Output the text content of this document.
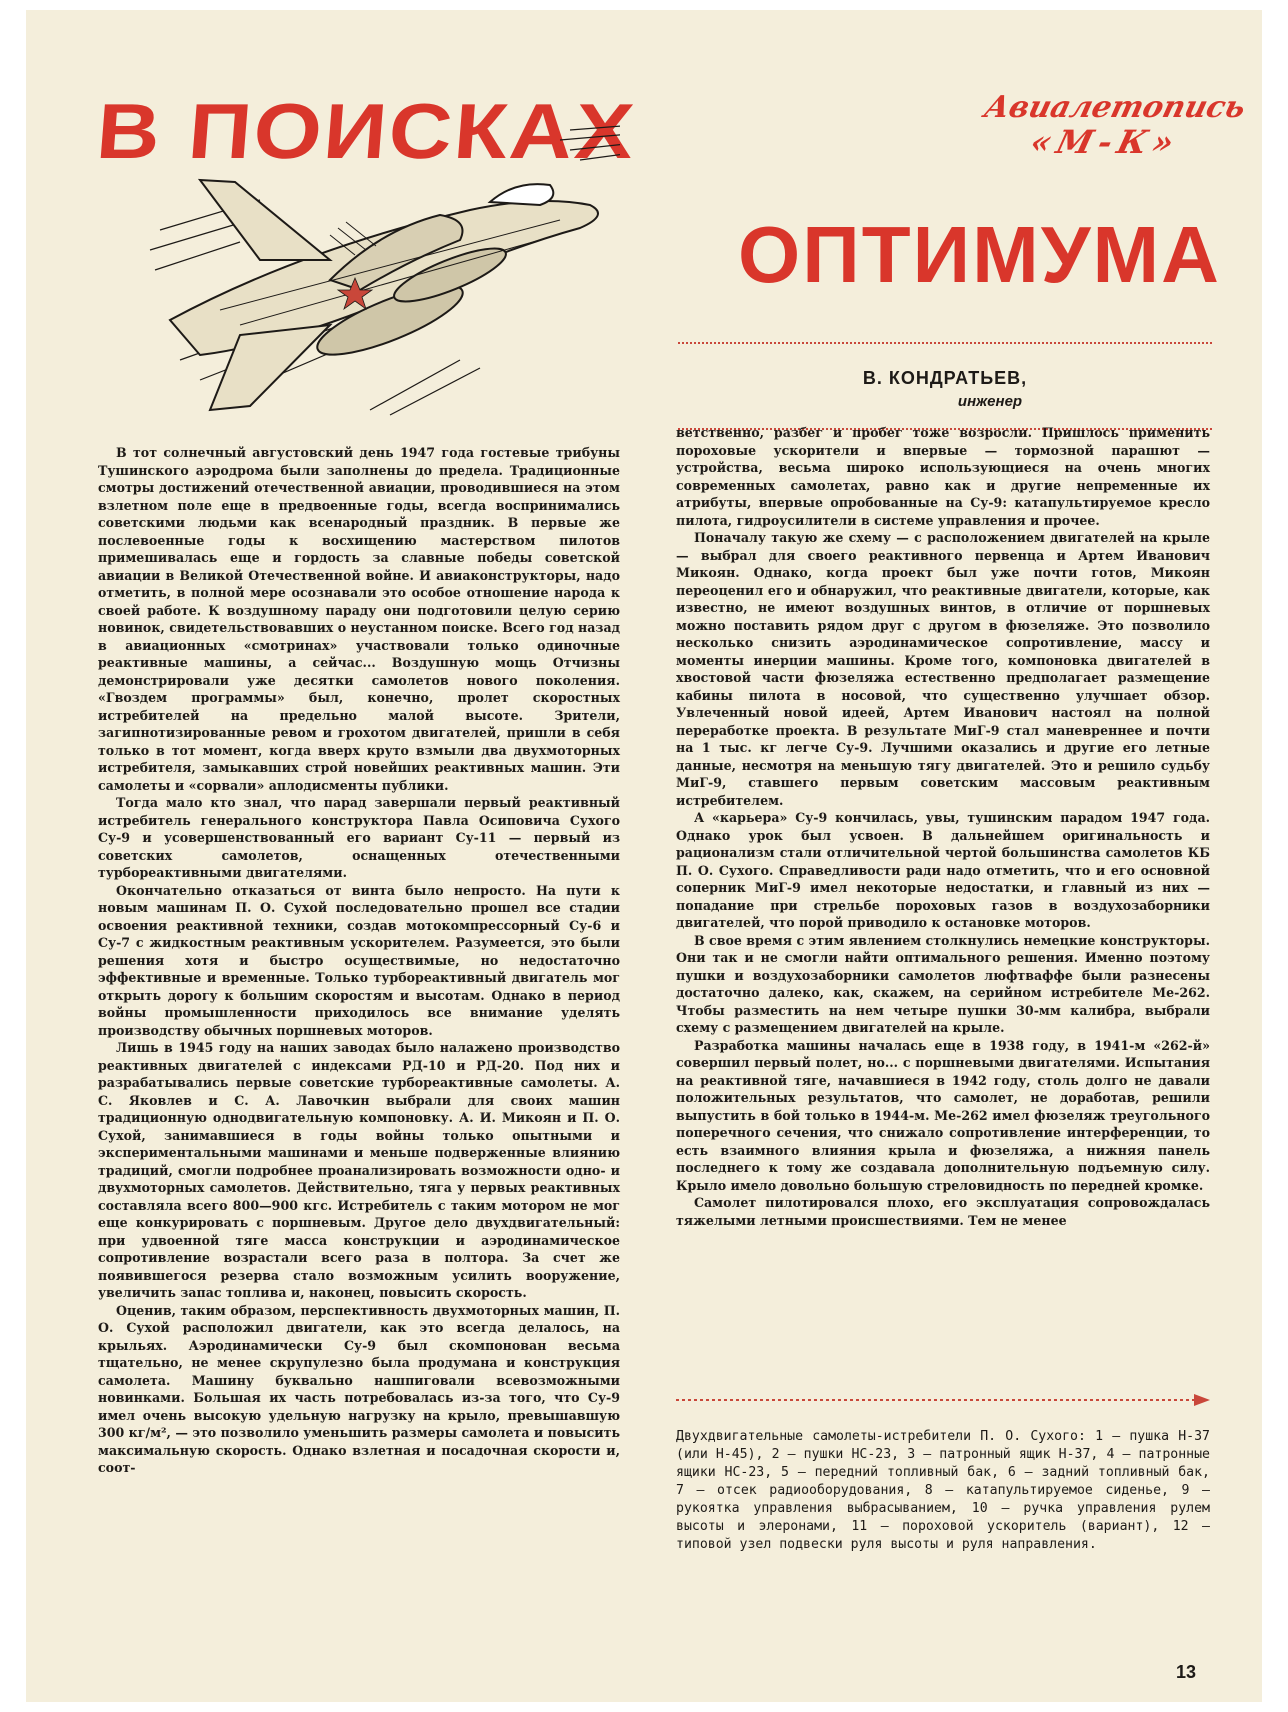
В ПОИСКАХ
ОПТИМУМА
Авиалетопись
«М-К»
В. КОНДРАТЬЕВ,
инженер

В тот солнечный августовский день 1947 года гостевые трибуны Тушинского аэродрома были заполнены до предела. Традиционные смотры достижений отечественной авиации, проводившиеся на этом взлетном поле еще в предвоенные годы, всегда воспринимались советскими людьми как всенародный праздник. В первые же послевоенные годы к восхищению мастерством пилотов примешивалась еще и гордость за славные победы советской авиации в Великой Отечественной войне. И авиаконструкторы, надо отметить, в полной мере осознавали это особое отношение народа к своей работе. К воздушному параду они подготовили целую серию новинок, свидетельствовавших о неустанном поиске. Всего год назад в авиационных «смотринах» участвовали только одиночные реактивные машины, а сейчас... Воздушную мощь Отчизны демонстрировали уже десятки самолетов нового поколения. «Гвоздем программы» был, конечно, пролет скоростных истребителей на предельно малой высоте. Зрители, загипнотизированные ревом и грохотом двигателей, пришли в себя только в тот момент, когда вверх круто взмыли два двухмоторных истребителя, замыкавших строй новейших реактивных машин. Эти самолеты и «сорвали» аплодисменты публики.

Тогда мало кто знал, что парад завершали первый реактивный истребитель генерального конструктора Павла Осиповича Сухого Су-9 и усовершенствованный его вариант Су-11 — первый из советских самолетов, оснащенных отечественными турбореактивными двигателями.

Окончательно отказаться от винта было непросто. На пути к новым машинам П. О. Сухой последовательно прошел все стадии освоения реактивной техники, создав мотокомпрессорный Су-6 и Су-7 с жидкостным реактивным ускорителем. Разумеется, это были решения хотя и быстро осуществимые, но недостаточно эффективные и временные. Только турбореактивный двигатель мог открыть дорогу к большим скоростям и высотам. Однако в период войны промышленности приходилось все внимание уделять производству обычных поршневых моторов.

Лишь в 1945 году на наших заводах было налажено производство реактивных двигателей с индексами РД-10 и РД-20. Под них и разрабатывались первые советские турбореактивные самолеты. А. С. Яковлев и С. А. Лавочкин выбрали для своих машин традиционную однодвигательную компоновку. А. И. Микоян и П. О. Сухой, занимавшиеся в годы войны только опытными и экспериментальными машинами и меньше подверженные влиянию традиций, смогли подробнее проанализировать возможности одно- и двухмоторных самолетов. Действительно, тяга у первых реактивных составляла всего 800—900 кгс. Истребитель с таким мотором не мог еще конкурировать с поршневым. Другое дело двухдвигательный: при удвоенной тяге масса конструкции и аэродинамическое сопротивление возрастали всего раза в полтора. За счет же появившегося резерва стало возможным усилить вооружение, увеличить запас топлива и, наконец, повысить скорость.

Оценив, таким образом, перспективность двухмоторных машин, П. О. Сухой расположил двигатели, как это всегда делалось, на крыльях. Аэродинамически Су-9 был скомпонован весьма тщательно, не менее скрупулезно была продумана и конструкция самолета. Машину буквально нашпиговали всевозможными новинками. Большая их часть потребовалась из-за того, что Су-9 имел очень высокую удельную нагрузку на крыло, превышавшую 300 кг/м², — это позволило уменьшить размеры самолета и повысить максимальную скорость. Однако взлетная и посадочная скорости и, соот-

ветственно, разбег и пробег тоже возросли. Пришлось применить пороховые ускорители и впервые — тормозной парашют — устройства, весьма широко использующиеся на очень многих современных самолетах, равно как и другие непременные их атрибуты, впервые опробованные на Су-9: катапультируемое кресло пилота, гидроусилители в системе управления и прочее.

Поначалу такую же схему — с расположением двигателей на крыле — выбрал для своего реактивного первенца и Артем Иванович Микоян. Однако, когда проект был уже почти готов, Микоян переоценил его и обнаружил, что реактивные двигатели, которые, как известно, не имеют воздушных винтов, в отличие от поршневых можно поставить рядом друг с другом в фюзеляже. Это позволило несколько снизить аэродинамическое сопротивление, массу и моменты инерции машины. Кроме того, компоновка двигателей в хвостовой части фюзеляжа естественно предполагает размещение кабины пилота в носовой, что существенно улучшает обзор. Увлеченный новой идеей, Артем Иванович настоял на полной переработке проекта. В результате МиГ-9 стал маневреннее и почти на 1 тыс. кг легче Су-9. Лучшими оказались и другие его летные данные, несмотря на меньшую тягу двигателей. Это и решило судьбу МиГ-9, ставшего первым советским массовым реактивным истребителем.

А «карьера» Су-9 кончилась, увы, тушинским парадом 1947 года. Однако урок был усвоен. В дальнейшем оригинальность и рационализм стали отличительной чертой большинства самолетов КБ П. О. Сухого. Справедливости ради надо отметить, что и его основной соперник МиГ-9 имел некоторые недостатки, и главный из них — попадание при стрельбе пороховых газов в воздухозаборники двигателей, что порой приводило к остановке моторов.

В свое время с этим явлением столкнулись немецкие конструкторы. Они так и не смогли найти оптимального решения. Именно поэтому пушки и воздухозаборники самолетов люфтваффе были разнесены достаточно далеко, как, скажем, на серийном истребителе Ме-262. Чтобы разместить на нем четыре пушки 30-мм калибра, выбрали схему с размещением двигателей на крыле.

Разработка машины началась еще в 1938 году, в 1941-м «262-й» совершил первый полет, но... с поршневыми двигателями. Испытания на реактивной тяге, начавшиеся в 1942 году, столь долго не давали положительных результатов, что самолет, не доработав, решили выпустить в бой только в 1944-м. Ме-262 имел фюзеляж треугольного поперечного сечения, что снижало сопротивление интерференции, то есть взаимного влияния крыла и фюзеляжа, а нижняя панель последнего к тому же создавала дополнительную подъемную силу. Крыло имело довольно большую стреловидность по передней кромке.

Самолет пилотировался плохо, его эксплуатация сопровождалась тяжелыми летными происшествиями. Тем не менее

Двухдвигательные самолеты-истребители П. О. Сухого: 1 — пушка Н-37 (или Н-45), 2 — пушки НС-23, 3 — патронный ящик Н-37, 4 — патронные ящики НС-23, 5 — передний топливный бак, 6 — задний топливный бак, 7 — отсек радиооборудования, 8 — катапультируемое сиденье, 9 — рукоятка управления выбрасыванием, 10 — ручка управления рулем высоты и элеронами, 11 — пороховой ускоритель (вариант), 12 — типовой узел подвески руля высоты и руля направления.
13
